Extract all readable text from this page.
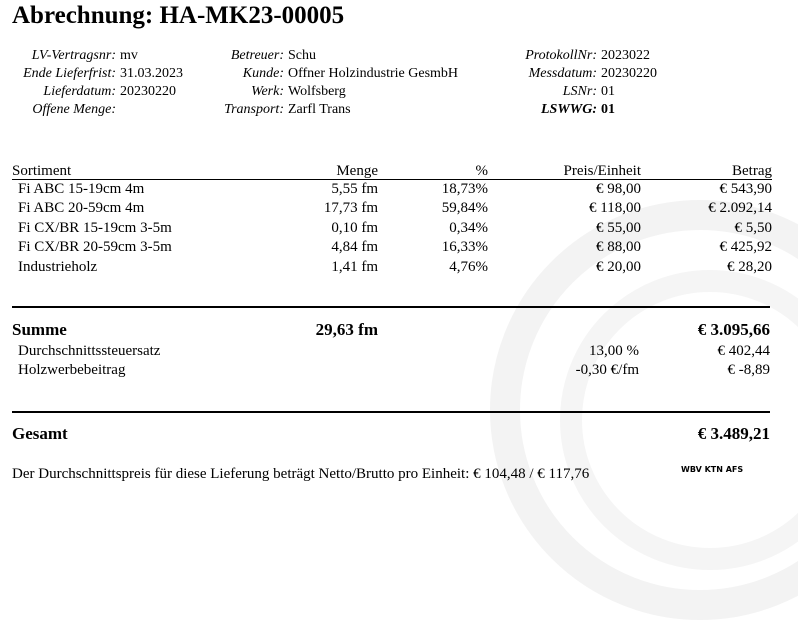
Abrechnung: HA-MK23-00005
LV-Vertragsnr: mv
Ende Lieferfrist: 31.03.2023
Lieferdatum: 20230220
Offene Menge:
Betreuer: Schu
Kunde: Offner Holzindustrie GesmbH
Werk: Wolfsberg
Transport: Zarfl Trans
ProtokollNr: 2023022
Messdatum: 20230220
LSNr: 01
LSWWG: 01
Sortiment	Menge	%	Preis/Einheit	Betrag
Fi ABC 15-19cm 4m	5,55 fm	18,73%	€ 98,00	€ 543,90
Fi ABC 20-59cm 4m	17,73 fm	59,84%	€ 118,00	€ 2.092,14
Fi CX/BR 15-19cm 3-5m	0,10 fm	0,34%	€ 55,00	€ 5,50
Fi CX/BR 20-59cm 3-5m	4,84 fm	16,33%	€ 88,00	€ 425,92
Industrieholz	1,41 fm	4,76%	€ 20,00	€ 28,20
Summe	29,63 fm	€ 3.095,66
Durchschnittssteuersatz	13,00 %	€ 402,44
Holzwerbebeitrag	-0,30 €/fm	€ -8,89
Gesamt	€ 3.489,21
Der Durchschnittspreis für diese Lieferung beträgt Netto/Brutto pro Einheit: € 104,48 / € 117,76	WBV KTN AFS
